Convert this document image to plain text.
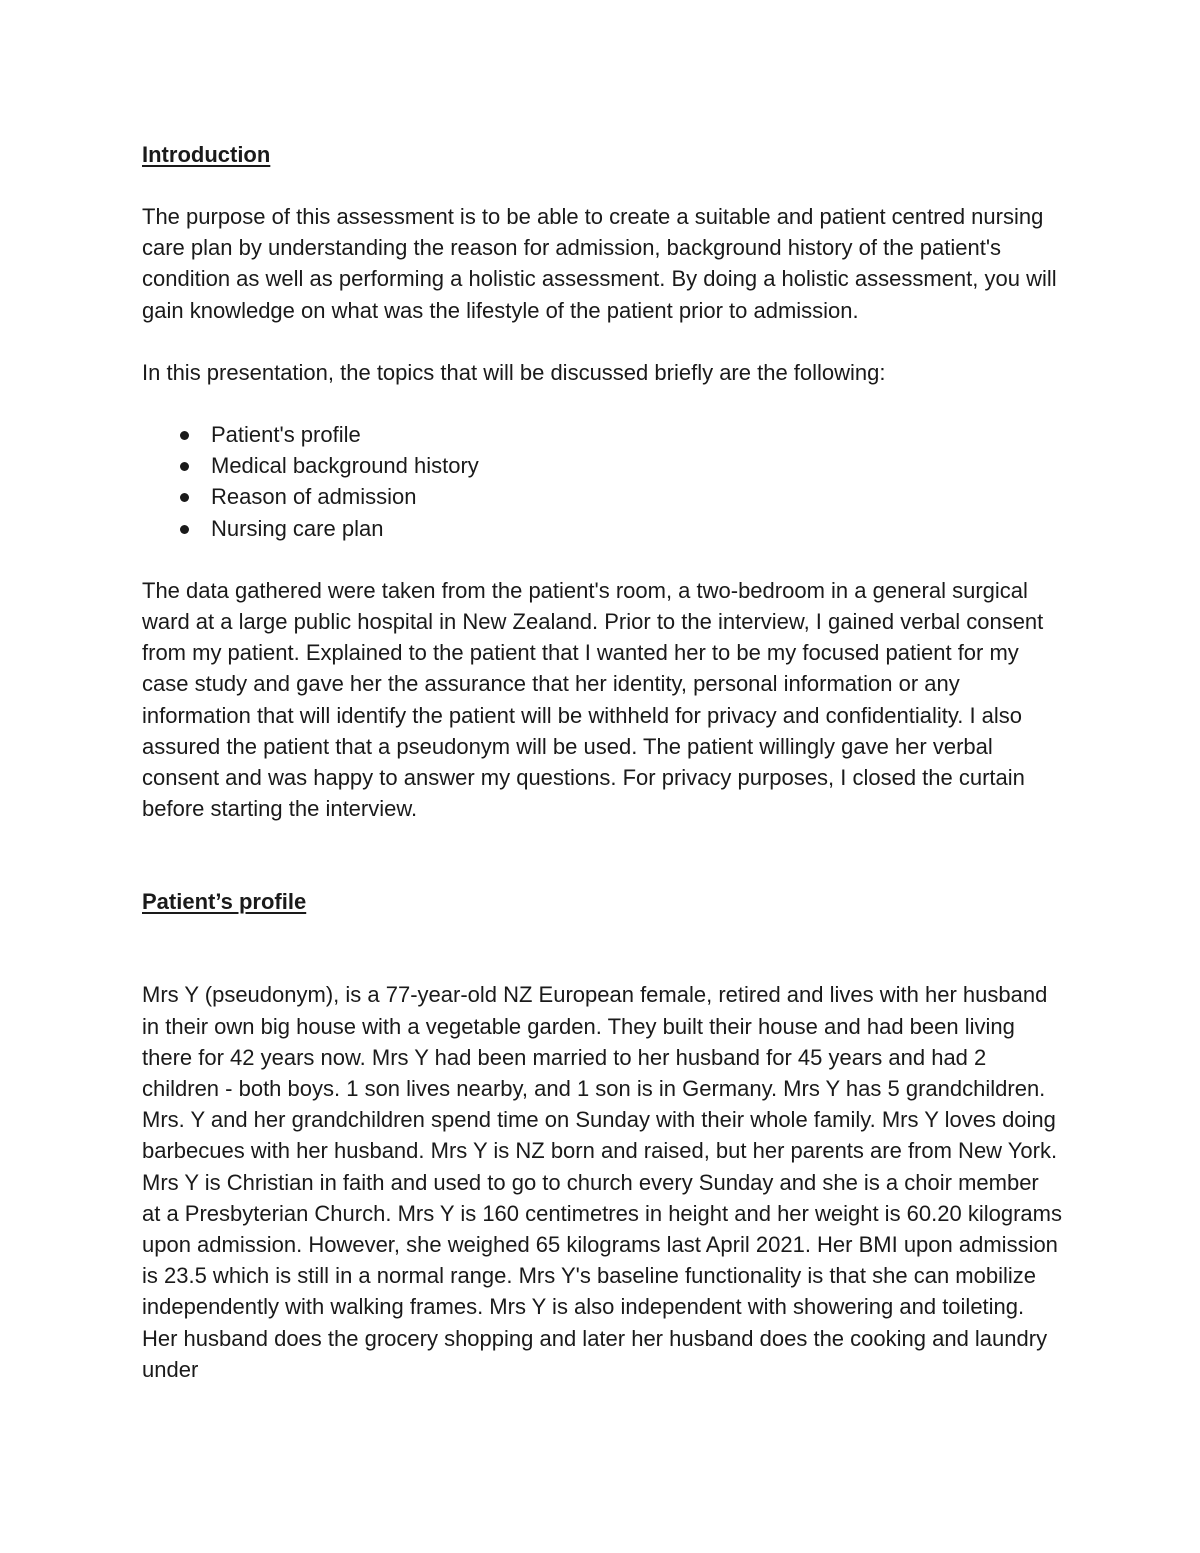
Introduction

The purpose of this assessment is to be able to create a suitable and patient centred nursing care plan by understanding the reason for admission, background history of the patient's condition as well as performing a holistic assessment. By doing a holistic assessment, you will gain knowledge on what was the lifestyle of the patient prior to admission.

In this presentation, the topics that will be discussed briefly are the following:

Patient's profile
Medical background history
Reason of admission
Nursing care plan

The data gathered were taken from the patient's room, a two-bedroom in a general surgical ward at a large public hospital in New Zealand. Prior to the interview, I gained verbal consent from my patient. Explained to the patient that I wanted her to be my focused patient for my case study and gave her the assurance that her identity, personal information or any information that will identify the patient will be withheld for privacy and confidentiality. I also assured the patient that a pseudonym will be used. The patient willingly gave her verbal consent and was happy to answer my questions. For privacy purposes, I closed the curtain before starting the interview.

Patient’s profile

Mrs Y (pseudonym), is a 77-year-old NZ European female, retired and lives with her husband in their own big house with a vegetable garden. They built their house and had been living there for 42 years now. Mrs Y had been married to her husband for 45 years and had 2 children - both boys. 1 son lives nearby, and 1 son is in Germany. Mrs Y has 5 grandchildren. Mrs. Y and her grandchildren spend time on Sunday with their whole family. Mrs Y loves doing barbecues with her husband. Mrs Y is NZ born and raised, but her parents are from New York. Mrs Y is Christian in faith and used to go to church every Sunday and she is a choir member at a Presbyterian Church. Mrs Y is 160 centimetres in height and her weight is 60.20 kilograms upon admission. However, she weighed 65 kilograms last April 2021. Her BMI upon admission is 23.5 which is still in a normal range. Mrs Y's baseline functionality is that she can mobilize independently with walking frames. Mrs Y is also independent with showering and toileting. Her husband does the grocery shopping and later her husband does the cooking and laundry under
